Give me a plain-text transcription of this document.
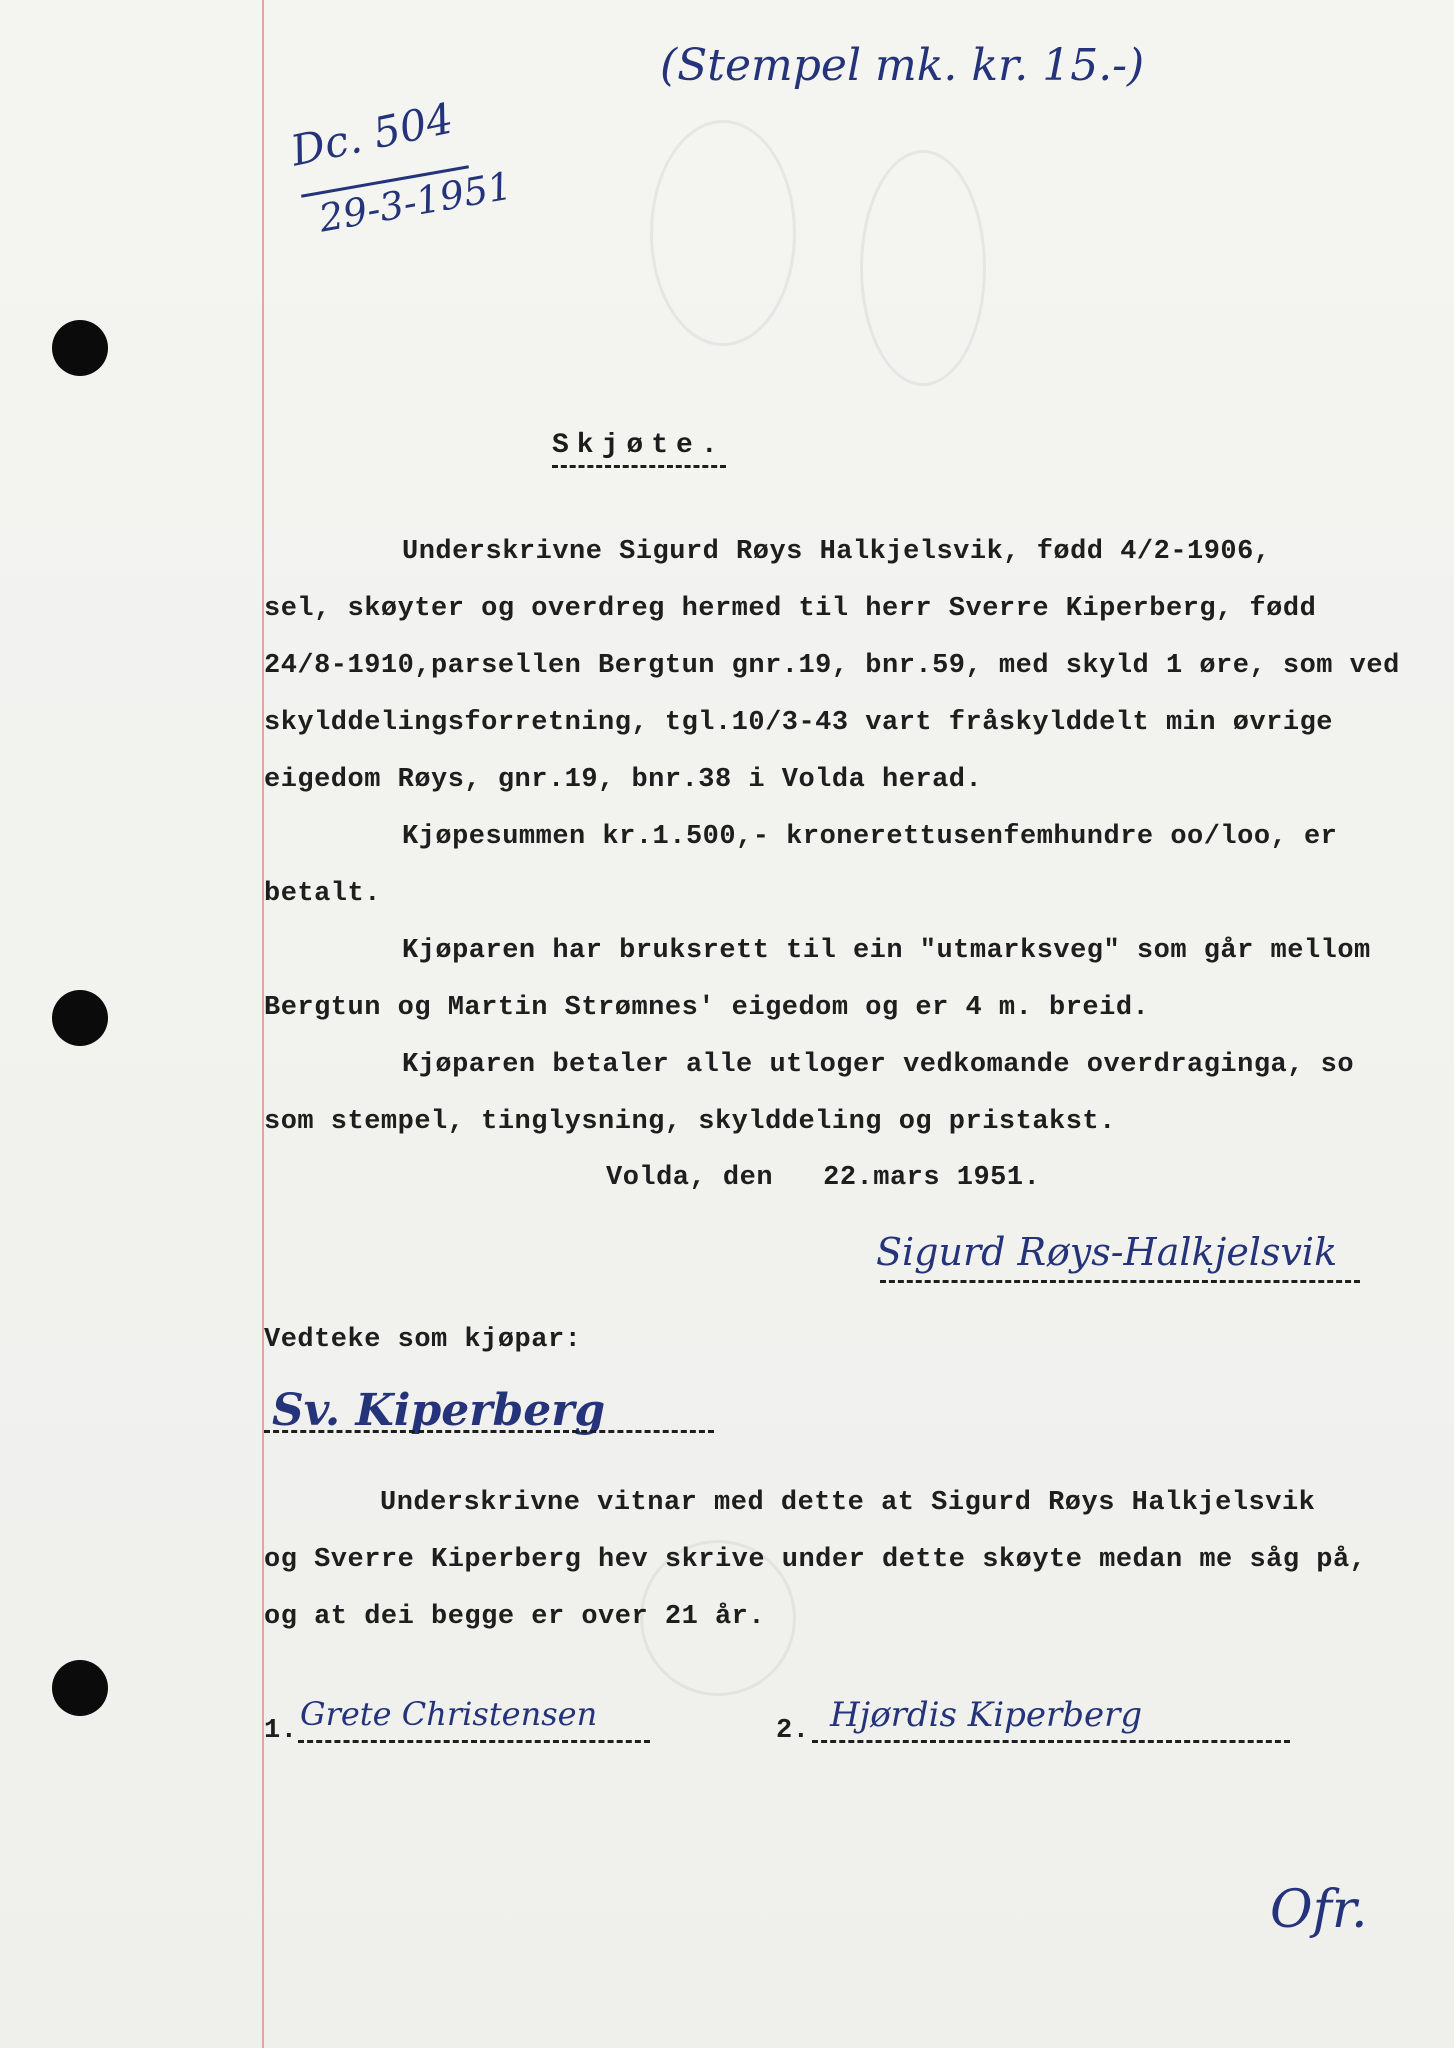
Dc. 504
29-3-1951
(Stempel mk. kr. 15.-)
Skjøte.
Underskrivne Sigurd Røys Halkjelsvik, fødd 4/2-1906,
sel, skøyter og overdreg hermed til herr Sverre Kiperberg, fødd
24/8-1910,parsellen Bergtun gnr.19, bnr.59, med skyld 1 øre, som ved
skylddelingsforretning, tgl.10/3-43 vart fråskylddelt min øvrige
eigedom Røys, gnr.19, bnr.38 i Volda herad.
Kjøpesummen kr.1.500,- kronerettusenfemhundre oo/loo, er
betalt.
Kjøparen har bruksrett til ein "utmarksveg" som går mellom
Bergtun og Martin Strømnes' eigedom og er 4 m. breid.
Kjøparen betaler alle utloger vedkomande overdraginga, so
som stempel, tinglysning, skylddeling og pristakst.
Volda, den   22.mars 1951.
Sigurd Røys-Halkjelsvik
Vedteke som kjøpar:
Sv. Kiperberg
Underskrivne vitnar med dette at Sigurd Røys Halkjelsvik
og Sverre Kiperberg hev skrive under dette skøyte medan me såg på,
og at dei begge er over 21 år.
1. Grete Christensen	2. Hjørdis Kiperberg
Ofr.
